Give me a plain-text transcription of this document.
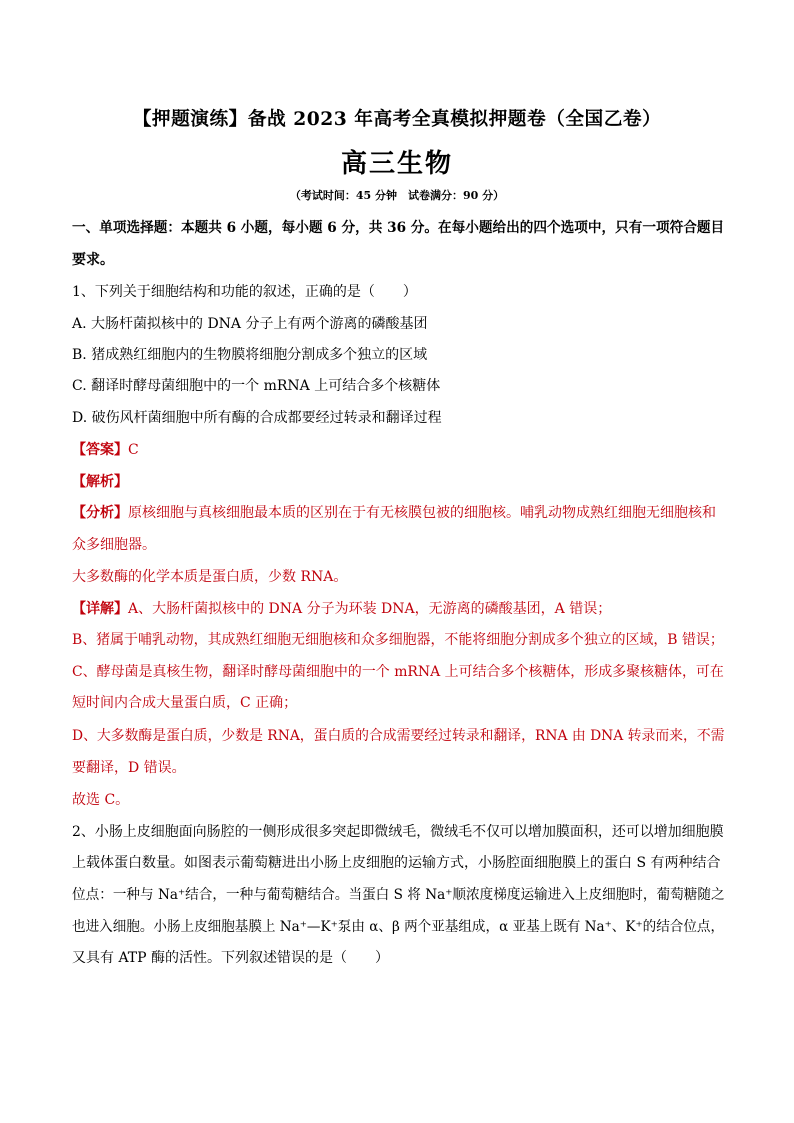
【押题演练】备战 2023 年高考全真模拟押题卷（全国乙卷）
高三生物
（考试时间：45 分钟　试卷满分：90 分）
一、单项选择题：本题共 6 小题，每小题 6 分，共 36 分。在每小题给出的四个选项中，只有一项符合题目
要求。
1、下列关于细胞结构和功能的叙述，正确的是（　　）
A. 大肠杆菌拟核中的 DNA 分子上有两个游离的磷酸基团
B. 猪成熟红细胞内的生物膜将细胞分割成多个独立的区域
C. 翻译时酵母菌细胞中的一个 mRNA 上可结合多个核糖体
D. 破伤风杆菌细胞中所有酶的合成都要经过转录和翻译过程
【答案】C
【解析】
【分析】原核细胞与真核细胞最本质的区别在于有无核膜包被的细胞核。哺乳动物成熟红细胞无细胞核和
众多细胞器。
大多数酶的化学本质是蛋白质，少数 RNA。
【详解】A、大肠杆菌拟核中的 DNA 分子为环装 DNA，无游离的磷酸基团，A 错误；
B、猪属于哺乳动物，其成熟红细胞无细胞核和众多细胞器，不能将细胞分割成多个独立的区域，B 错误；
C、酵母菌是真核生物，翻译时酵母菌细胞中的一个 mRNA 上可结合多个核糖体，形成多聚核糖体，可在
短时间内合成大量蛋白质，C 正确；
D、大多数酶是蛋白质，少数是 RNA，蛋白质的合成需要经过转录和翻译，RNA 由 DNA 转录而来，不需
要翻译，D 错误。
故选 C。
2、小肠上皮细胞面向肠腔的一侧形成很多突起即微绒毛，微绒毛不仅可以增加膜面积，还可以增加细胞膜
上载体蛋白数量。如图表示葡萄糖进出小肠上皮细胞的运输方式，小肠腔面细胞膜上的蛋白 S 有两种结合
位点：一种与 Na⁺结合，一种与葡萄糖结合。当蛋白 S 将 Na⁺顺浓度梯度运输进入上皮细胞时，葡萄糖随之
也进入细胞。小肠上皮细胞基膜上 Na⁺—K⁺泵由 α、β 两个亚基组成，α 亚基上既有 Na⁺、K⁺的结合位点，
又具有 ATP 酶的活性。下列叙述错误的是（　　）
